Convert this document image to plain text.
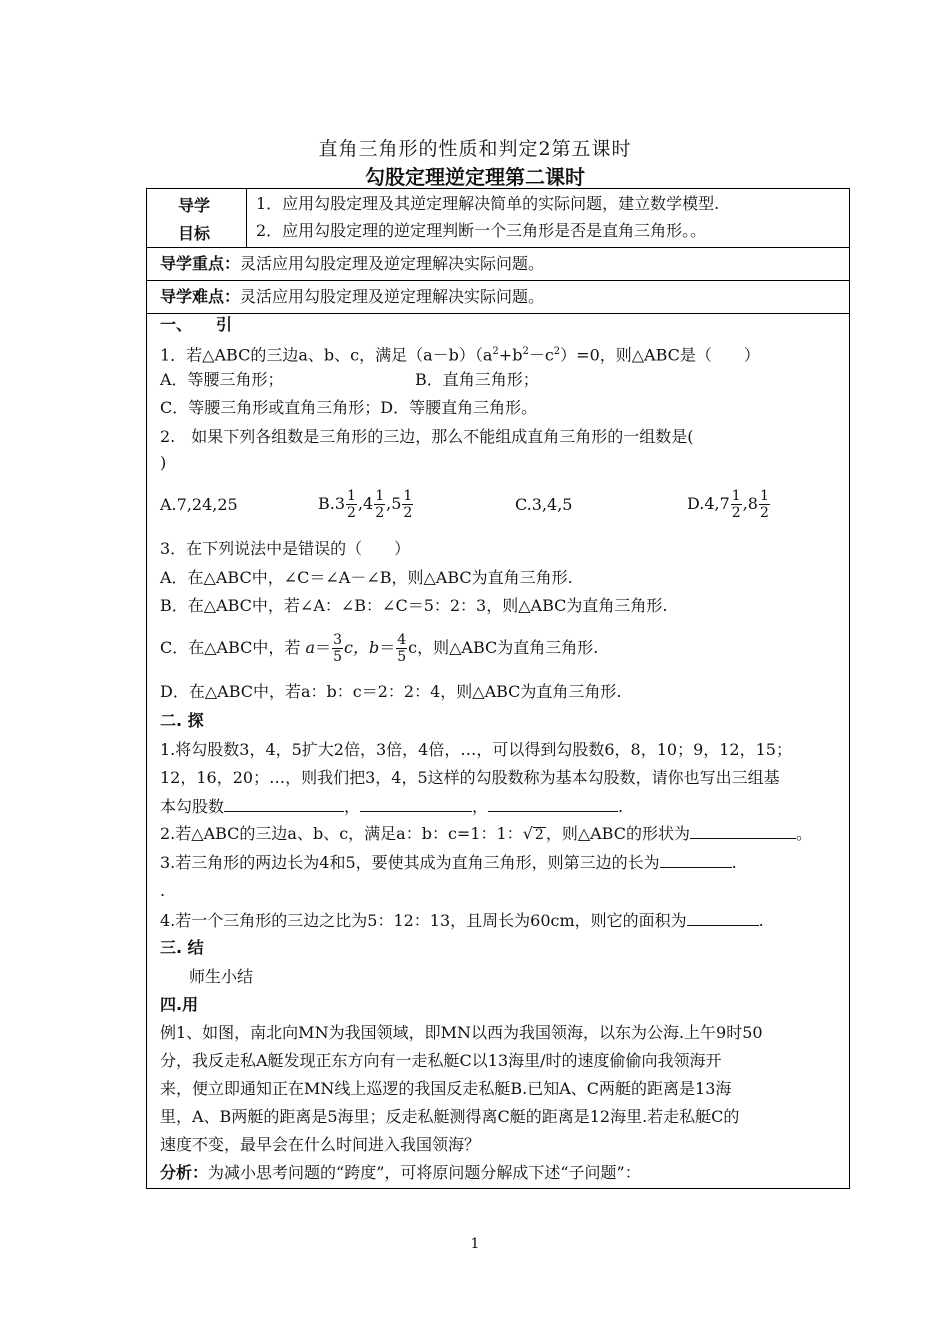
直角三角形的性质和判定2第五课时
勾股定理逆定理第二课时
导学
目标
1．应用勾股定理及其逆定理解决简单的实际问题，建立数学模型.
2．应用勾股定理的逆定理判断一个三角形是否是直角三角形。。
导学重点：灵活应用勾股定理及逆定理解决实际问题。
导学难点：灵活应用勾股定理及逆定理解决实际问题。
一、　　引
1．若△ABC的三边a、b、c，满足$(a-b)(a^2+b^2-c^2)=0$，则△ABC是（　　）
A．等腰三角形；	B．直角三角形；
C．等腰三角形或直角三角形；D．等腰直角三角形。
2.　如果下列各组数是三角形的三边，那么不能组成直角三角形的一组数是(
)
A.7,24,25	$B.3 \frac{1}{2} ,4 \frac{1}{2} ,5 \frac{1}{2}$	C.3,4,5	$D.4,7 \frac{1}{2} ,8 \frac{1}{2}$
3．在下列说法中是错误的（　　）
A．在△ABC中，∠C＝∠A－∠B，则△ABC为直角三角形.
B．在△ABC中，若∠A：∠B：∠C＝5：2：3，则△ABC为直角三角形.
C．在△ABC中，若 $a= \frac{3}{5}$ c，$b= \frac{4}{5}$ c，则△ABC为直角三角形.
D．在△ABC中，若a：b：c＝2：2：4，则△ABC为直角三角形.
二. 探
1.将勾股数3，4，5扩大2倍，3倍，4倍，…，可以得到勾股数6，8，10；9，12，15；
12，16，20；…，则我们把3，4，5这样的勾股数称为基本勾股数，请你也写出三组基
本勾股数	，	，	.
2.若△ABC的三边a、b、c，满足a：b：c=1：1：√ 2 ，则△ABC的形状为	。
3.若三角形的两边长为4和5，要使其成为直角三角形，则第三边的长为	.
.
4.若一个三角形的三边之比为5：12：13，且周长为60cm，则它的面积为	.
三. 结
师生小结
四.用
例1、如图，南北向MN为我国领域，即MN以西为我国领海，以东为公海.上午9时50
分，我反走私A艇发现正东方向有一走私艇C以13海里/时的速度偷偷向我领海开
来，便立即通知正在MN线上巡逻的我国反走私艇B.已知A、C两艇的距离是13海
里，A、B两艇的距离是5海里；反走私艇测得离C艇的距离是12海里.若走私艇C的
速度不变，最早会在什么时间进入我国领海？
分析：为减小思考问题的“跨度”，可将原问题分解成下述“子问题”：
1
